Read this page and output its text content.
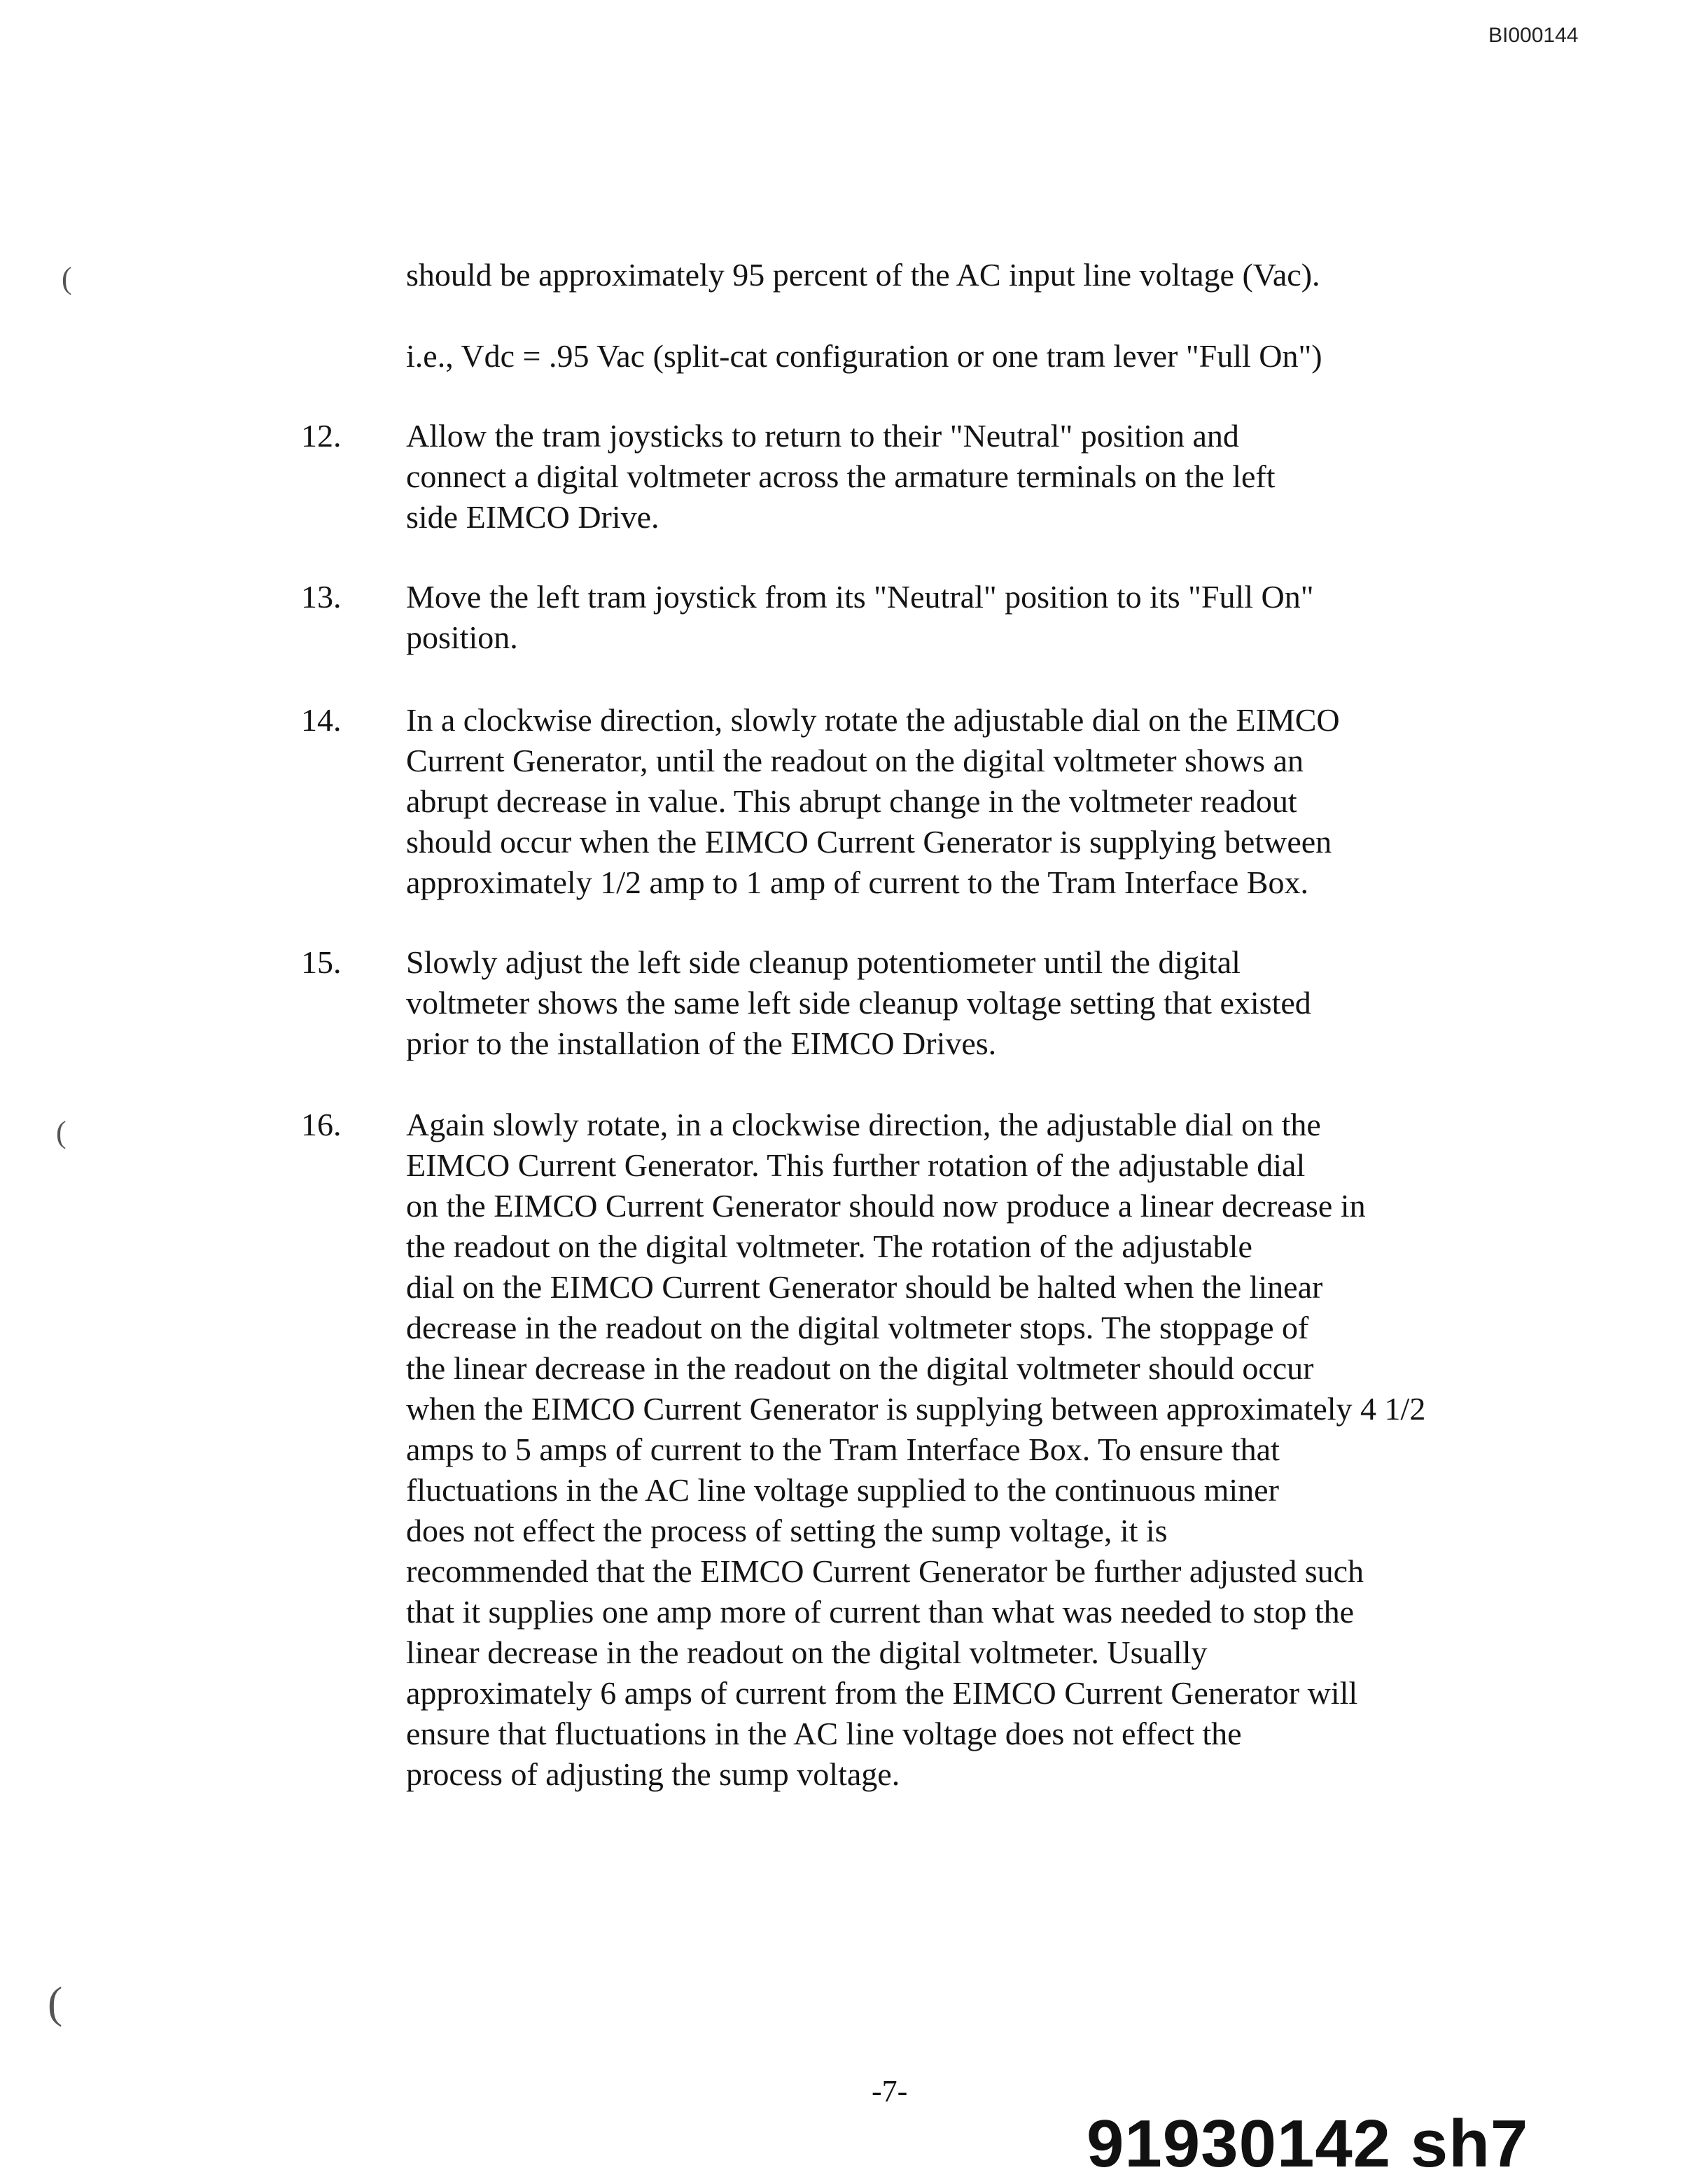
BI000144
(
(
(
should be approximately 95 percent of the AC input line voltage (Vac).
i.e., Vdc = .95 Vac (split-cat configuration or one tram lever "Full On")
12. Allow the tram joysticks to return to their "Neutral" position and
connect a digital voltmeter across the armature terminals on the left
side EIMCO Drive.
13. Move the left tram joystick from its "Neutral" position to its "Full On"
position.
14. In a clockwise direction, slowly rotate the adjustable dial on the EIMCO
Current Generator, until the readout on the digital voltmeter shows an
abrupt decrease in value. This abrupt change in the voltmeter readout
should occur when the EIMCO Current Generator is supplying between
approximately 1/2 amp to 1 amp of current to the Tram Interface Box.
15. Slowly adjust the left side cleanup potentiometer until the digital
voltmeter shows the same left side cleanup voltage setting that existed
prior to the installation of the EIMCO Drives.
16. Again slowly rotate, in a clockwise direction, the adjustable dial on the
EIMCO Current Generator. This further rotation of the adjustable dial
on the EIMCO Current Generator should now produce a linear decrease in
the readout on the digital voltmeter. The rotation of the adjustable
dial on the EIMCO Current Generator should be halted when the linear
decrease in the readout on the digital voltmeter stops. The stoppage of
the linear decrease in the readout on the digital voltmeter should occur
when the EIMCO Current Generator is supplying between approximately 4 1/2
amps to 5 amps of current to the Tram Interface Box. To ensure that
fluctuations in the AC line voltage supplied to the continuous miner
does not effect the process of setting the sump voltage, it is
recommended that the EIMCO Current Generator be further adjusted such
that it supplies one amp more of current than what was needed to stop the
linear decrease in the readout on the digital voltmeter. Usually
approximately 6 amps of current from the EIMCO Current Generator will
ensure that fluctuations in the AC line voltage does not effect the
process of adjusting the sump voltage.
-7-
91930142 sh7
